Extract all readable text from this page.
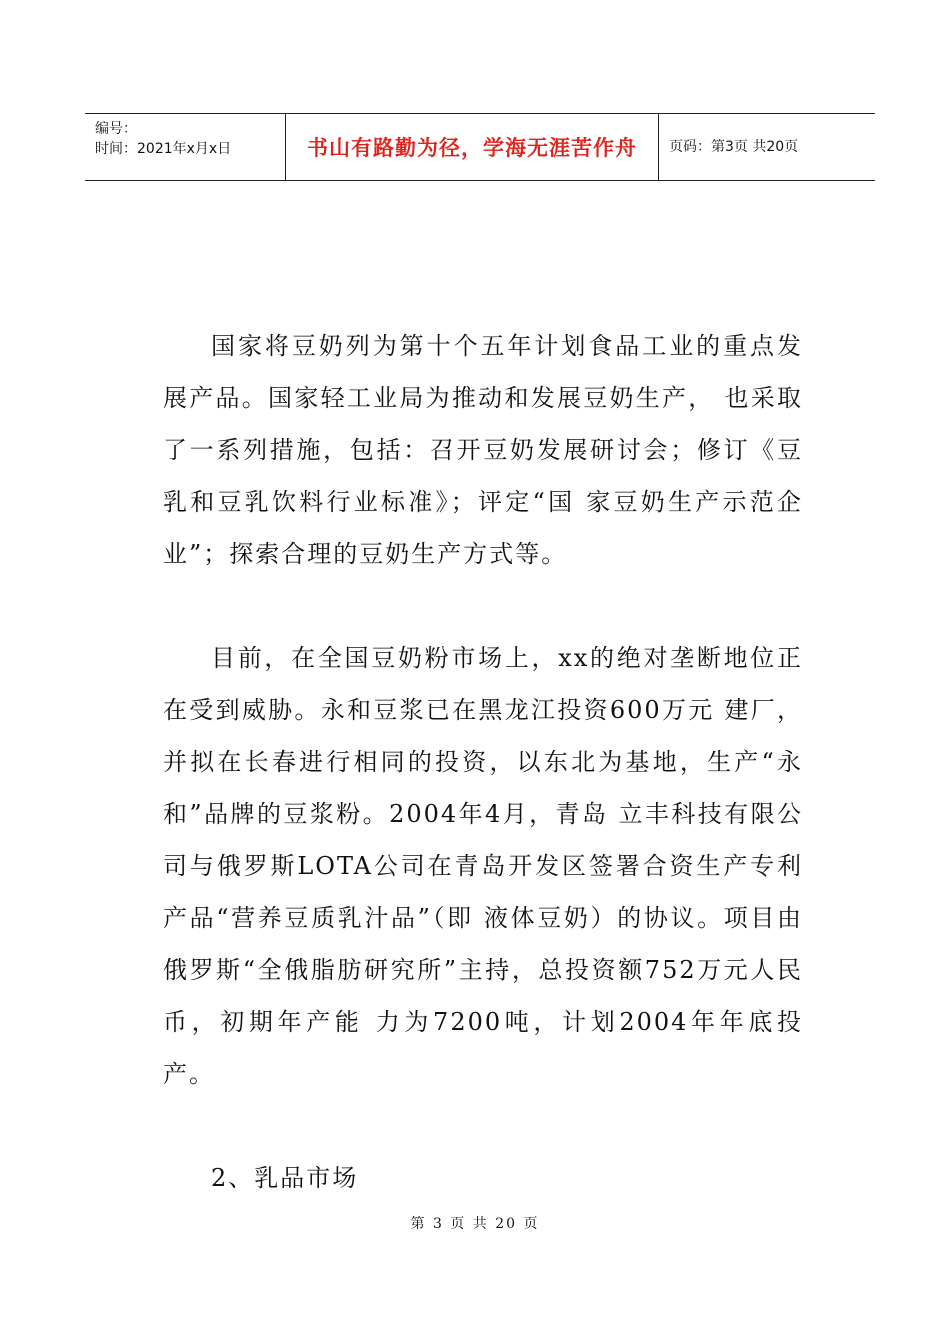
编号：
时间：2021年x月x日	书山有路勤为径，学海无涯苦作舟 页码：第3页 共20页

国家将豆奶列为第十个五年计划食品工业的重点发展产品。国家轻工业局为推动和发展豆奶生产， 也采取了一系列措施，包括：召开豆奶发展研讨会；修订《豆乳和豆乳饮料行业标准》；评定“国 家豆奶生产示范企业”；探索合理的豆奶生产方式等。

目前，在全国豆奶粉市场上，xx的绝对垄断地位正在受到威胁。永和豆浆已在黑龙江投资600万元 建厂，并拟在长春进行相同的投资，以东北为基地，生产“永和”品牌的豆浆粉。2004年4月，青岛 立丰科技有限公司与俄罗斯LOTA公司在青岛开发区签署合资生产专利产品“营养豆质乳汁品”（即 液体豆奶）的协议。项目由俄罗斯“全俄脂肪研究所”主持，总投资额752万元人民币，初期年产能 力为7200吨，计划2004年年底投产。

2、乳品市场

第 3 页 共 20 页
